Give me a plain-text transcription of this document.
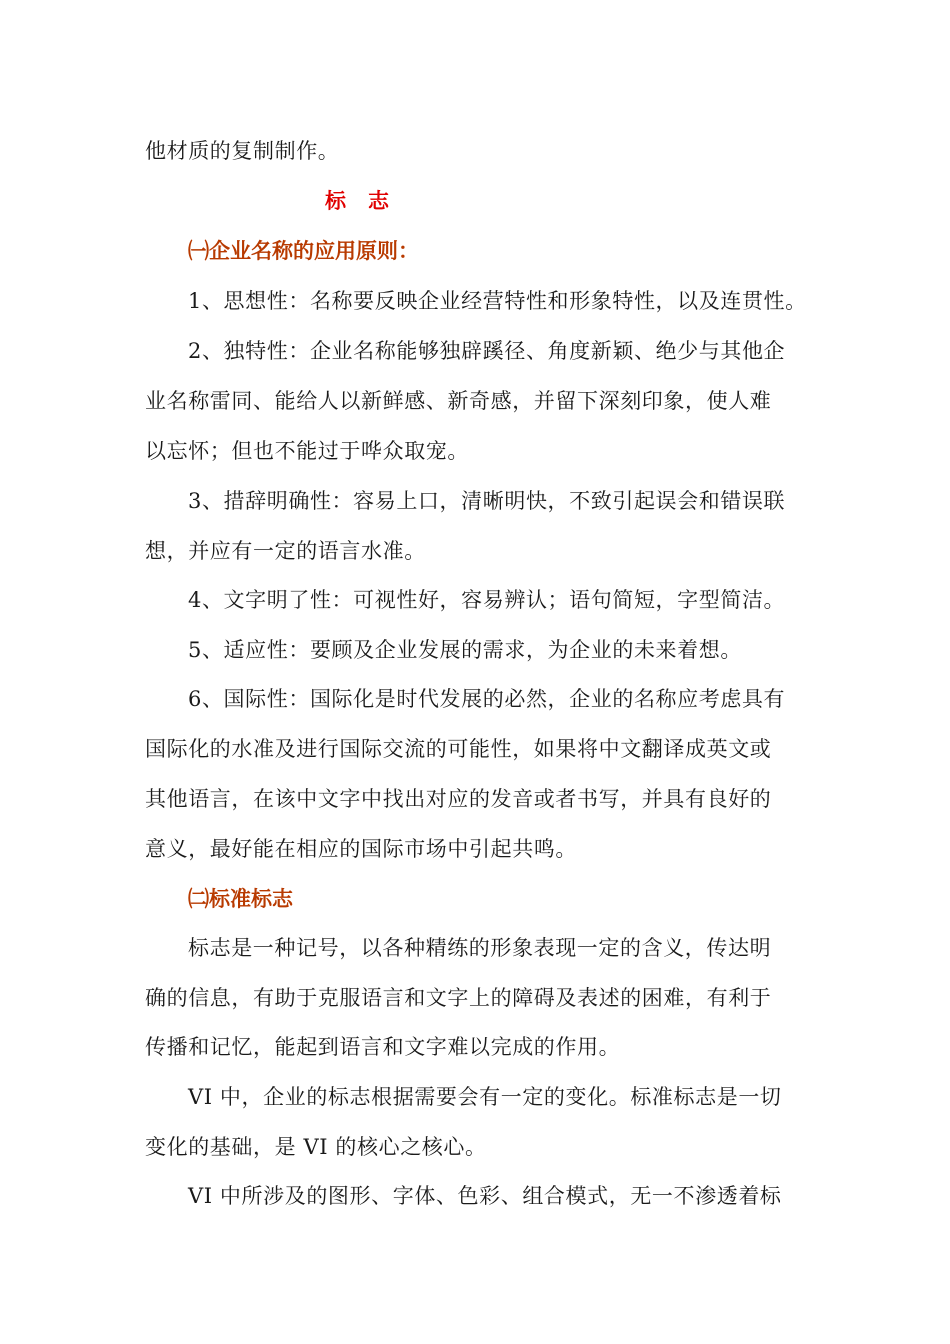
他材质的复制制作。
标志
㈠企业名称的应用原则：
1、思想性：名称要反映企业经营特性和形象特性，以及连贯性。
2、独特性：企业名称能够独辟蹊径、角度新颖、绝少与其他企
业名称雷同、能给人以新鲜感、新奇感，并留下深刻印象，使人难
以忘怀；但也不能过于哗众取宠。
3、措辞明确性：容易上口，清晰明快，不致引起误会和错误联
想，并应有一定的语言水准。
4、文字明了性：可视性好，容易辨认；语句简短，字型简洁。
5、适应性：要顾及企业发展的需求，为企业的未来着想。
6、国际性：国际化是时代发展的必然，企业的名称应考虑具有
国际化的水准及进行国际交流的可能性，如果将中文翻译成英文或
其他语言，在该中文字中找出对应的发音或者书写，并具有良好的
意义，最好能在相应的国际市场中引起共鸣。
㈡标准标志
标志是一种记号，以各种精练的形象表现一定的含义，传达明
确的信息，有助于克服语言和文字上的障碍及表述的困难，有利于
传播和记忆，能起到语言和文字难以完成的作用。
VI 中，企业的标志根据需要会有一定的变化。标准标志是一切
变化的基础，是 VI 的核心之核心。
VI 中所涉及的图形、字体、色彩、组合模式，无一不渗透着标
